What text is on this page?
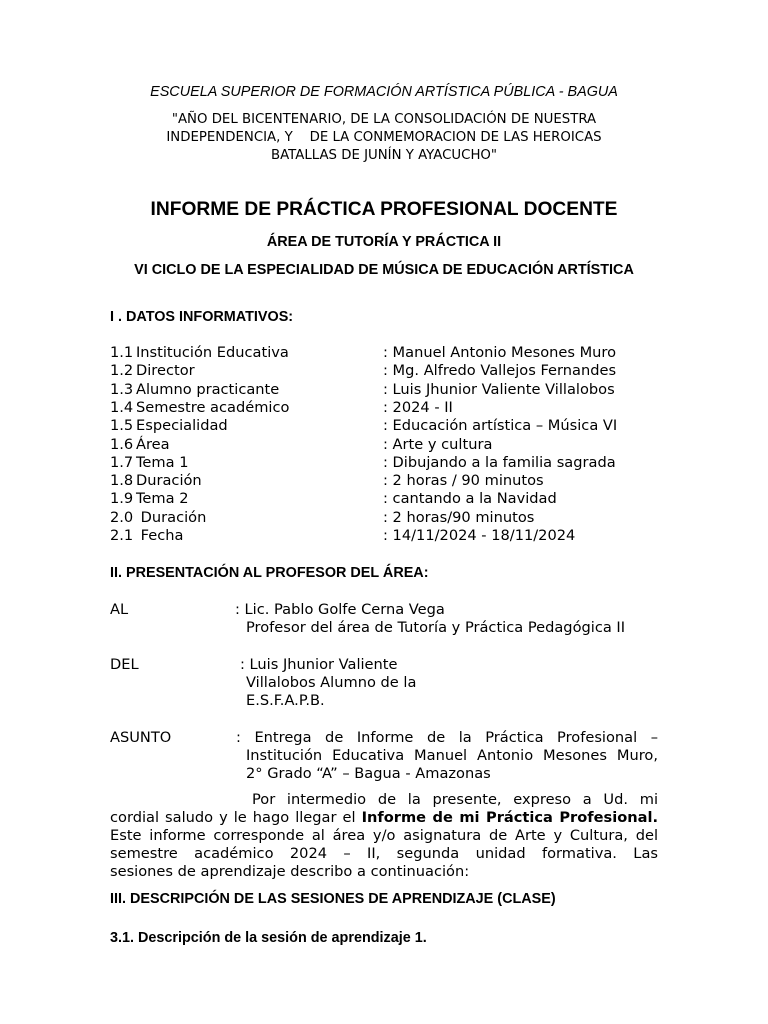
ESCUELA SUPERIOR DE FORMACIÓN ARTÍSTICA PÚBLICA - BAGUA
"AÑO DEL BICENTENARIO, DE LA CONSOLIDACIÓN DE NUESTRA
INDEPENDENCIA, Y    DE LA CONMEMORACION DE LAS HEROICAS
BATALLAS DE JUNÍN Y AYACUCHO"
INFORME DE PRÁCTICA PROFESIONAL DOCENTE
ÁREA DE TUTORÍA Y PRÁCTICA II
VI CICLO DE LA ESPECIALIDAD DE MÚSICA DE EDUCACIÓN ARTÍSTICA
I . DATOS INFORMATIVOS:
1.1 Institución Educativa	: Manuel Antonio Mesones Muro
1.2 Director	: Mg. Alfredo Vallejos Fernandes
1.3 Alumno practicante	: Luis Jhunior Valiente Villalobos
1.4 Semestre académico	: 2024 - II
1.5 Especialidad	: Educación artística – Música VI
1.6 Área	: Arte y cultura
1.7 Tema 1	: Dibujando a la familia sagrada
1.8 Duración	: 2 horas / 90 minutos
1.9 Tema 2	: cantando a la Navidad
2.0 Duración	: 2 horas/90 minutos
2.1 Fecha	: 14/11/2024 - 18/11/2024
II. PRESENTACIÓN AL PROFESOR DEL ÁREA:
AL	: Lic. Pablo Golfe Cerna Vega
Profesor del área de Tutoría y Práctica Pedagógica II
DEL	: Luis Jhunior Valiente
Villalobos Alumno de la
E.S.F.A.P.B.
ASUNTO	: Entrega de Informe de la Práctica Profesional –
Institución Educativa Manuel Antonio Mesones Muro,
2° Grado “A” – Bagua - Amazonas
Por intermedio de la presente, expreso a Ud. mi
cordial saludo y le hago llegar el Informe de mi Práctica Profesional.
Este informe corresponde al área y/o asignatura de Arte y Cultura, del
semestre académico 2024 – II, segunda unidad formativa. Las
sesiones de aprendizaje describo a continuación:
III. DESCRIPCIÓN DE LAS SESIONES DE APRENDIZAJE (CLASE)
3.1. Descripción de la sesión de aprendizaje 1.
